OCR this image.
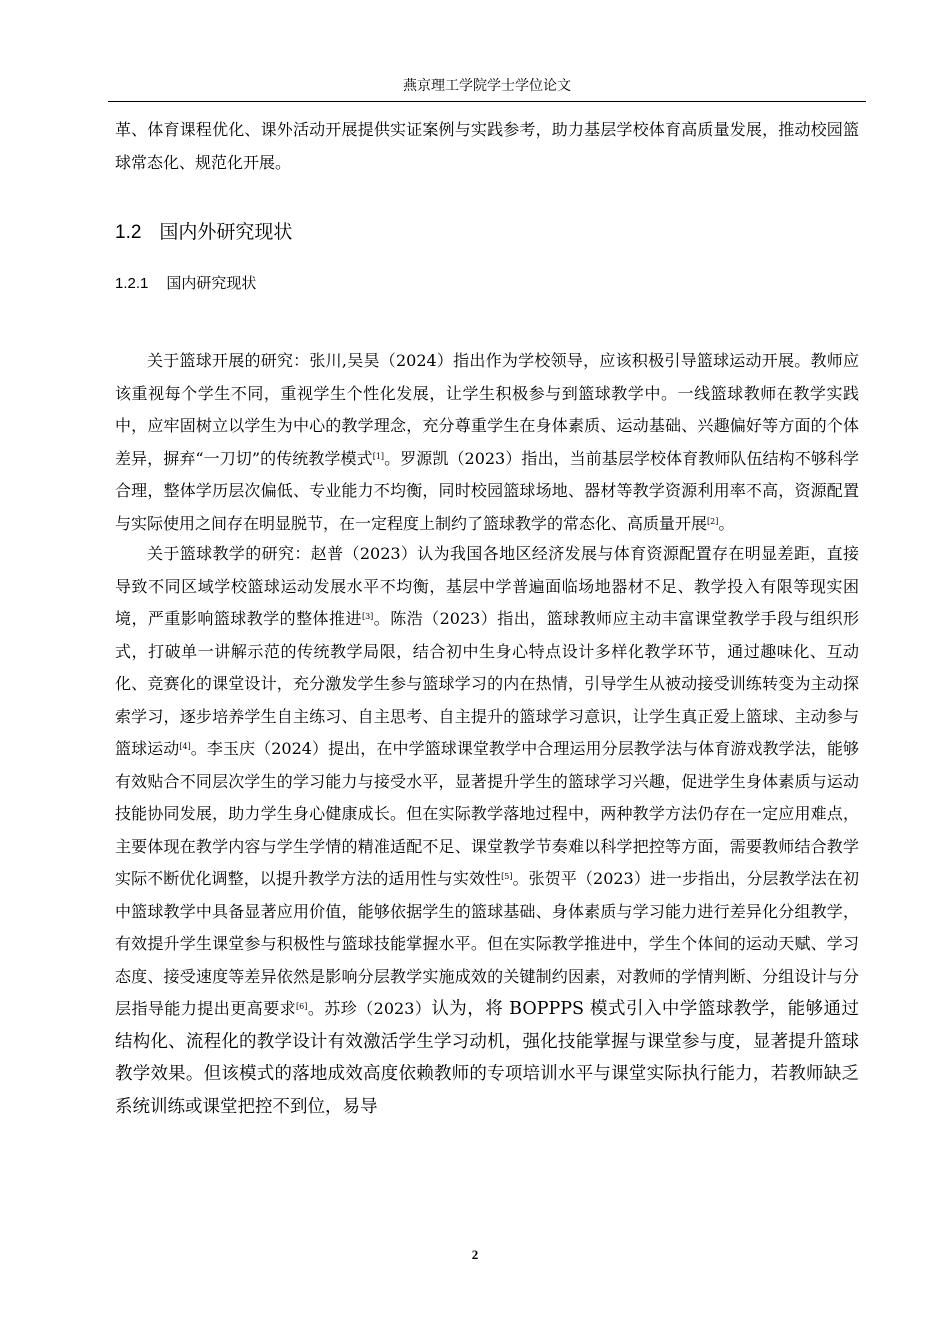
燕京理工学院学士学位论文

革、体育课程优化、课外活动开展提供实证案例与实践参考，助力基层学校体育高质量发展，推动校园篮球常态化、规范化开展。

1.2 国内外研究现状
1.2.1 国内研究现状

关于篮球开展的研究：张川,吴昊（2024）指出作为学校领导，应该积极引导篮球运动开展。教师应该重视每个学生不同，重视学生个性化发展，让学生积极参与到篮球教学中。一线篮球教师在教学实践中，应牢固树立以学生为中心的教学理念，充分尊重学生在身体素质、运动基础、兴趣偏好等方面的个体差异，摒弃“一刀切”的传统教学模式[1]。罗源凯（2023）指出，当前基层学校体育教师队伍结构不够科学合理，整体学历层次偏低、专业能力不均衡，同时校园篮球场地、器材等教学资源利用率不高，资源配置与实际使用之间存在明显脱节，在一定程度上制约了篮球教学的常态化、高质量开展[2]。

关于篮球教学的研究：赵普（2023）认为我国各地区经济发展与体育资源配置存在明显差距，直接导致不同区域学校篮球运动发展水平不均衡，基层中学普遍面临场地器材不足、教学投入有限等现实困境，严重影响篮球教学的整体推进[3]。陈浩（2023）指出，篮球教师应主动丰富课堂教学手段与组织形式，打破单一讲解示范的传统教学局限，结合初中生身心特点设计多样化教学环节，通过趣味化、互动化、竞赛化的课堂设计，充分激发学生参与篮球学习的内在热情，引导学生从被动接受训练转变为主动探索学习，逐步培养学生自主练习、自主思考、自主提升的篮球学习意识，让学生真正爱上篮球、主动参与篮球运动[4]。李玉庆（2024）提出，在中学篮球课堂教学中合理运用分层教学法与体育游戏教学法，能够有效贴合不同层次学生的学习能力与接受水平，显著提升学生的篮球学习兴趣，促进学生身体素质与运动技能协同发展，助力学生身心健康成长。但在实际教学落地过程中，两种教学方法仍存在一定应用难点，主要体现在教学内容与学生学情的精准适配不足、课堂教学节奏难以科学把控等方面，需要教师结合教学实际不断优化调整，以提升教学方法的适用性与实效性[5]。张贺平（2023）进一步指出，分层教学法在初中篮球教学中具备显著应用价值，能够依据学生的篮球基础、身体素质与学习能力进行差异化分组教学，有效提升学生课堂参与积极性与篮球技能掌握水平。但在实际教学推进中，学生个体间的运动天赋、学习态度、接受速度等差异依然是影响分层教学实施成效的关键制约因素，对教师的学情判断、分组设计与分层指导能力提出更高要求[6]。苏珍（2023）认为，将 BOPPPS 模式引入中学篮球教学，能够通过结构化、流程化的教学设计有效激活学生学习动机，强化技能掌握与课堂参与度，显著提升篮球教学效果。但该模式的落地成效高度依赖教师的专项培训水平与课堂实际执行能力，若教师缺乏系统训练或课堂把控不到位，易导

2
